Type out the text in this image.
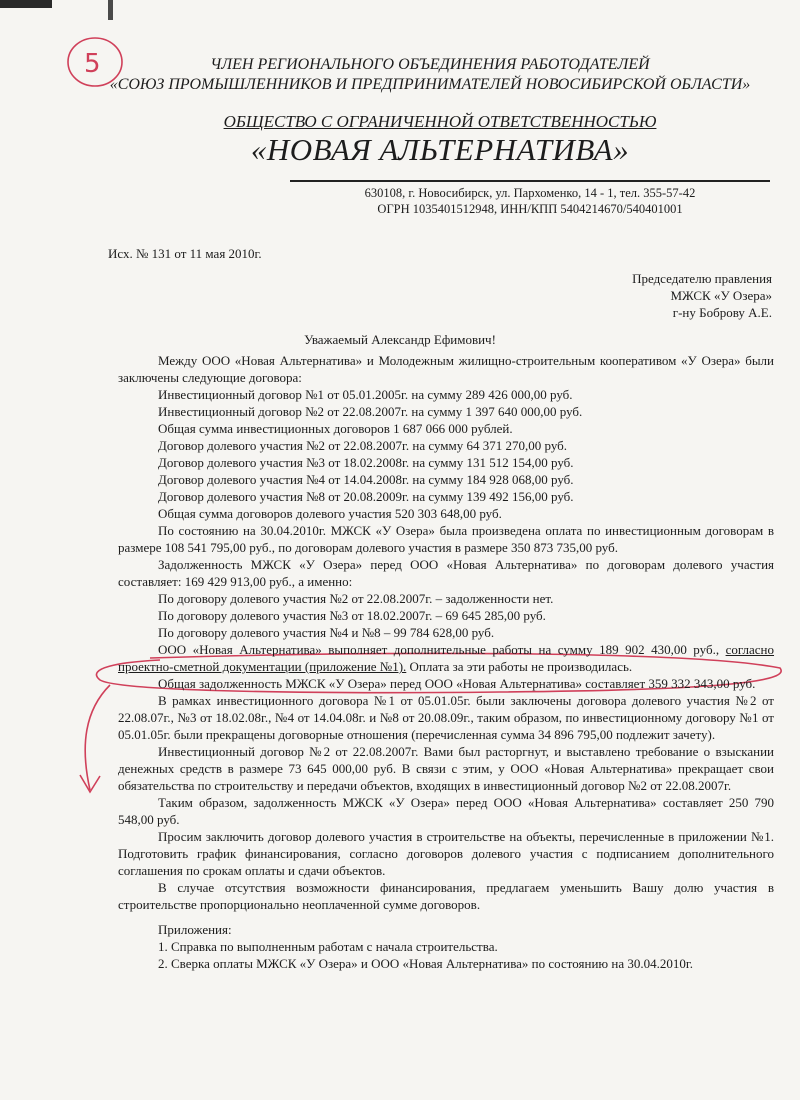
5	ЧЛЕН РЕГИОНАЛЬНОГО ОБЪЕДИНЕНИЯ РАБОТОДАТЕЛЕЙ
«СОЮЗ ПРОМЫШЛЕННИКОВ И ПРЕДПРИНИМАТЕЛЕЙ НОВОСИБИРСКОЙ ОБЛАСТИ»
ОБЩЕСТВО С ОГРАНИЧЕННОЙ ОТВЕТСТВЕННОСТЬЮ
«НОВАЯ АЛЬТЕРНАТИВА»
630108, г. Новосибирск, ул. Пархоменко, 14 - 1, тел. 355-57-42
ОГРН 1035401512948, ИНН/КПП 5404214670/540401001
Исх. № 131 от 11 мая 2010г.
Председателю правления
МЖСК «У Озера»
г-ну Боброву А.Е.
Уважаемый Александр Ефимович!

Между ООО «Новая Альтернатива» и Молодежным жилищно-строительным кооперативом «У Озера» были заключены следующие договора:

Инвестиционный договор №1 от 05.01.2005г. на сумму 289 426 000,00 руб.

Инвестиционный договор №2 от 22.08.2007г. на сумму 1 397 640 000,00 руб.

Общая сумма инвестиционных договоров 1 687 066 000 рублей.

Договор долевого участия №2 от 22.08.2007г. на сумму 64 371 270,00 руб.

Договор долевого участия №3 от 18.02.2008г. на сумму 131 512 154,00 руб.

Договор долевого участия №4 от 14.04.2008г. на сумму 184 928 068,00 руб.

Договор долевого участия №8 от 20.08.2009г. на сумму 139 492 156,00 руб.

Общая сумма договоров долевого участия 520 303 648,00 руб.

По состоянию на 30.04.2010г. МЖСК «У Озера» была произведена оплата по инвестиционным договорам в размере 108 541 795,00 руб., по договорам долевого участия в размере 350 873 735,00 руб.

Задолженность МЖСК «У Озера» перед ООО «Новая Альтернатива» по договорам долевого участия составляет: 169 429 913,00 руб., а именно:

По договору долевого участия №2 от 22.08.2007г. – задолженности нет.

По договору долевого участия №3 от 18.02.2007г. – 69 645 285,00 руб.

По договору долевого участия №4 и №8 – 99 784 628,00 руб.

ООО «Новая Альтернатива» выполняет дополнительные работы на сумму 189 902 430,00 руб., согласно проектно-сметной документации (приложение №1). Оплата за эти работы не производилась.

Общая задолженность МЖСК «У Озера» перед ООО «Новая Альтернатива» составляет 359 332 343,00 руб.

В рамках инвестиционного договора №1 от 05.01.05г. были заключены договора долевого участия №2 от 22.08.07г., №3 от 18.02.08г., №4 от 14.04.08г. и №8 от 20.08.09г., таким образом, по инвестиционному договору №1 от 05.01.05г. были прекращены договорные отношения (перечисленная сумма 34 896 795,00 подлежит зачету).

Инвестиционный договор №2 от 22.08.2007г. Вами был расторгнут, и выставлено требование о взыскании денежных средств в размере 73 645 000,00 руб. В связи с этим, у ООО «Новая Альтернатива» прекращает свои обязательства по строительству и передачи объектов, входящих в инвестиционный договор №2 от 22.08.2007г.

Таким образом, задолженность МЖСК «У Озера» перед ООО «Новая Альтернатива» составляет 250 790 548,00 руб.

Просим заключить договор долевого участия в строительстве на объекты, перечисленные в приложении №1. Подготовить график финансирования, согласно договоров долевого участия с подписанием дополнительного соглашения по срокам оплаты и сдачи объектов.

В случае отсутствия возможности финансирования, предлагаем уменьшить Вашу долю участия в строительстве пропорционально неоплаченной сумме договоров.

Приложения:

1. Справка по выполненным работам с начала строительства.

2. Сверка оплаты МЖСК «У Озера» и ООО «Новая Альтернатива» по состоянию на 30.04.2010г.
